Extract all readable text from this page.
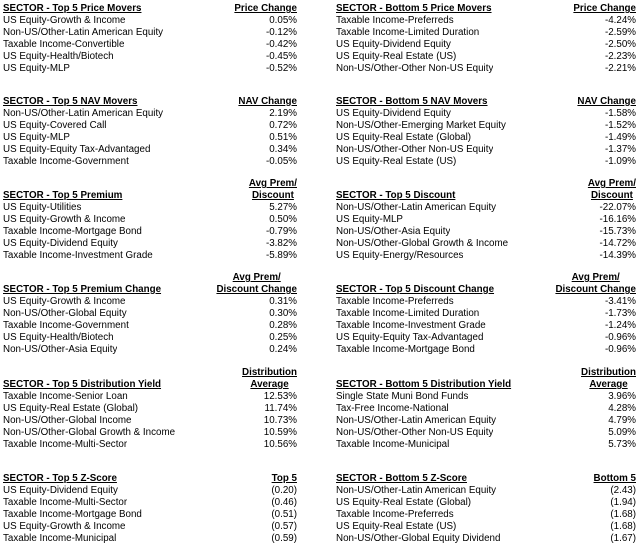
SECTOR - Top 5 Price Movers	Price Change
US Equity-Growth & Income	0.05%
Non-US/Other-Latin American Equity	-0.12%
Taxable Income-Convertible	-0.42%
US Equity-Health/Biotech	-0.45%
US Equity-MLP	-0.52%
SECTOR - Bottom 5 Price Movers	Price Change
Taxable Income-Preferreds	-4.24%
Taxable Income-Limited Duration	-2.59%
US Equity-Dividend Equity	-2.50%
US Equity-Real Estate (US)	-2.23%
Non-US/Other-Other Non-US Equity	-2.21%
SECTOR - Top 5 NAV Movers	NAV Change
Non-US/Other-Latin American Equity	2.19%
US Equity-Covered Call	0.72%
US Equity-MLP	0.51%
US Equity-Equity Tax-Advantaged	0.34%
Taxable Income-Government	-0.05%
SECTOR - Bottom 5 NAV Movers	NAV Change
US Equity-Dividend Equity	-1.58%
Non-US/Other-Emerging Market Equity	-1.52%
US Equity-Real Estate (Global)	-1.49%
Non-US/Other-Other Non-US Equity	-1.37%
US Equity-Real Estate (US)	-1.09%
SECTOR - Top 5 Premium
Avg Prem/
Discount
US Equity-Utilities	5.27%
US Equity-Growth & Income	0.50%
Taxable Income-Mortgage Bond	-0.79%
US Equity-Dividend Equity	-3.82%
Taxable Income-Investment Grade	-5.89%
SECTOR - Top 5 Discount
Avg Prem/
Discount
Non-US/Other-Latin American Equity	-22.07%
US Equity-MLP	-16.16%
Non-US/Other-Asia Equity	-15.73%
Non-US/Other-Global Growth & Income	-14.72%
US Equity-Energy/Resources	-14.39%
SECTOR - Top 5 Premium Change
Avg Prem/
Discount Change
US Equity-Growth & Income	0.31%
Non-US/Other-Global Equity	0.30%
Taxable Income-Government	0.28%
US Equity-Health/Biotech	0.25%
Non-US/Other-Asia Equity	0.24%
SECTOR - Top 5 Discount Change
Avg Prem/
Discount Change
Taxable Income-Preferreds	-3.41%
Taxable Income-Limited Duration	-1.73%
Taxable Income-Investment Grade	-1.24%
US Equity-Equity Tax-Advantaged	-0.96%
Taxable Income-Mortgage Bond	-0.96%
SECTOR - Top 5 Distribution Yield
Distribution
Average
Taxable Income-Senior Loan	12.53%
US Equity-Real Estate (Global)	11.74%
Non-US/Other-Global Income	10.73%
Non-US/Other-Global Growth & Income	10.59%
Taxable Income-Multi-Sector	10.56%
SECTOR - Bottom 5 Distribution Yield
Distribution
Average
Single State Muni Bond Funds	3.96%
Tax-Free Income-National	4.28%
Non-US/Other-Latin American Equity	4.79%
Non-US/Other-Other Non-US Equity	5.09%
Taxable Income-Municipal	5.73%
SECTOR - Top 5 Z-Score	Top 5
US Equity-Dividend Equity	(0.20)
Taxable Income-Multi-Sector	(0.46)
Taxable Income-Mortgage Bond	(0.51)
US Equity-Growth & Income	(0.57)
Taxable Income-Municipal	(0.59)
SECTOR - Bottom 5 Z-Score	Bottom 5
Non-US/Other-Latin American Equity	(2.43)
US Equity-Real Estate (Global)	(1.94)
Taxable Income-Preferreds	(1.68)
US Equity-Real Estate (US)	(1.68)
Non-US/Other-Global Equity Dividend	(1.67)
